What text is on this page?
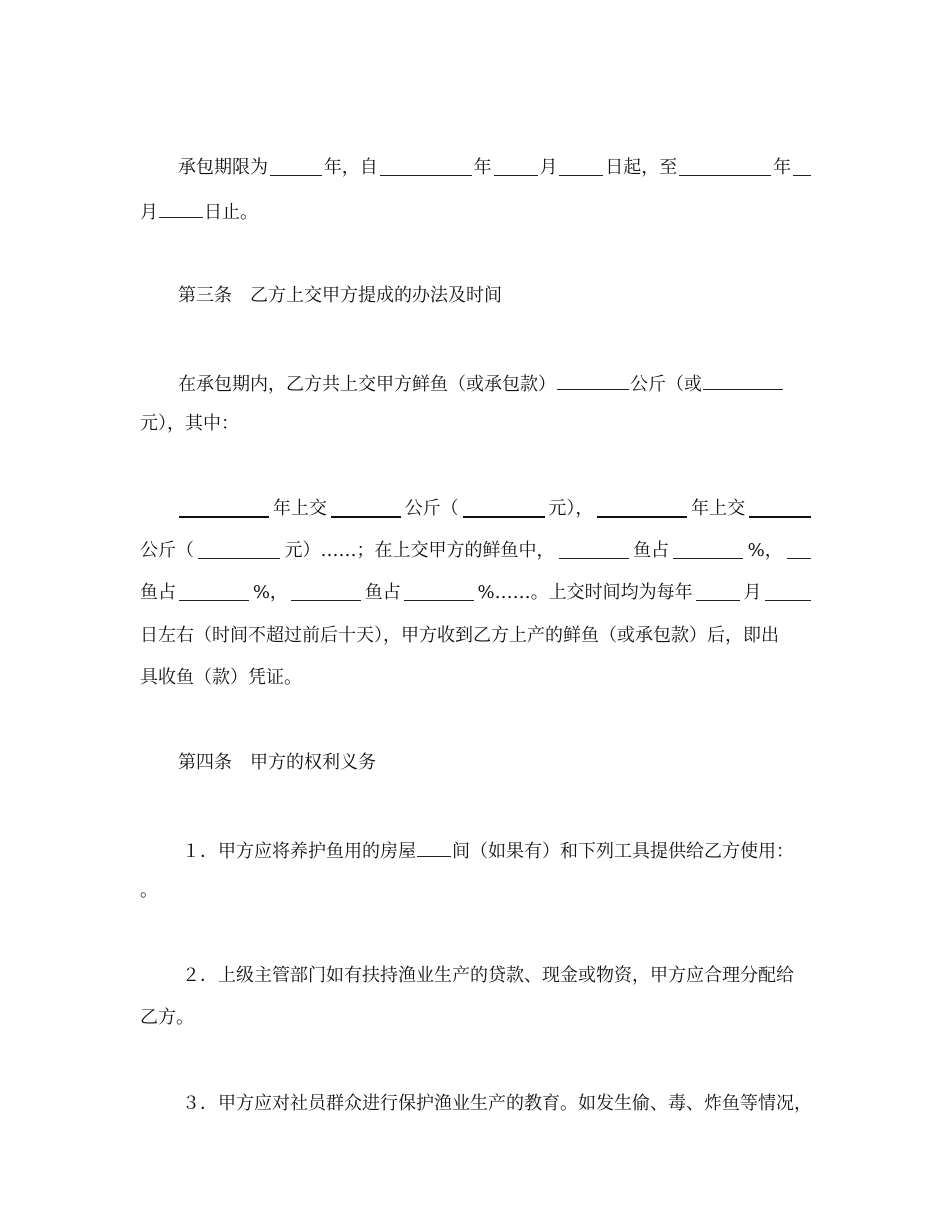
承包期限为	年，自	年	月	日起，至	年
月	日止。
第三条　乙方上交甲方提成的办法及时间
在承包期内，乙方共上交甲方鲜鱼（或承包款）	公斤（或
元），其中：
年上交	公斤（	元），	年上交
公斤（	元）……；在上交甲方的鲜鱼中，	鱼占	%，
鱼占	%，	鱼占	%……。上交时间均为每年	月
日左右（时间不超过前后十天），甲方收到乙方上产的鲜鱼（或承包款）后，即出
具收鱼（款）凭证。
第四条　甲方的权利义务
１．甲方应将养护鱼用的房屋 间（如果有）和下列工具提供给乙方使用：
。
２．上级主管部门如有扶持渔业生产的贷款、现金或物资，甲方应合理分配给
乙方。
３．甲方应对社员群众进行保护渔业生产的教育。如发生偷、毒、炸鱼等情况，
